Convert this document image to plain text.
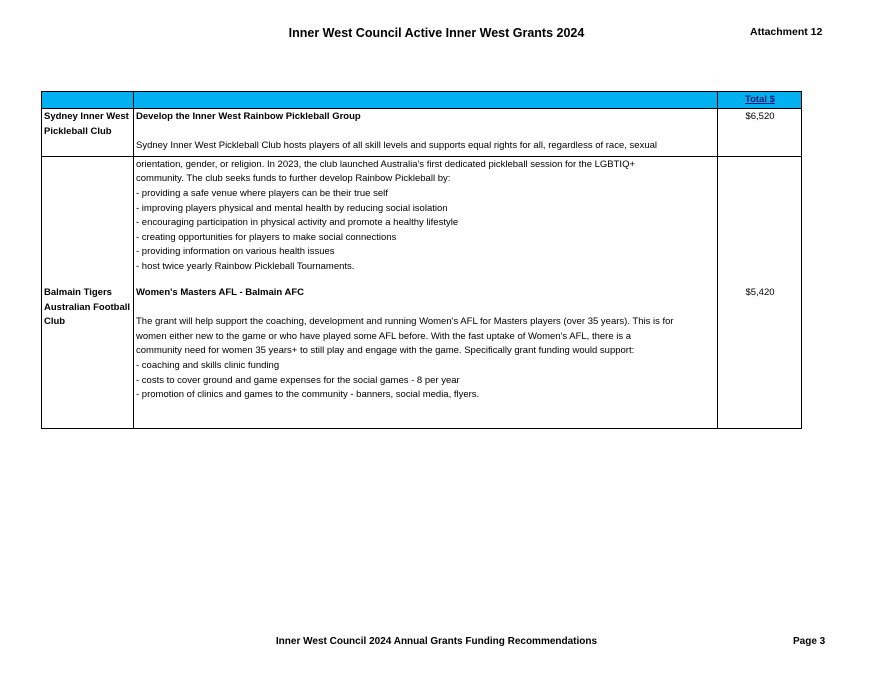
Inner West Council Active Inner West Grants 2024	Attachment 12
Total $
Sydney Inner West
Pickleball Club
$6,520
Develop the Inner West Rainbow Pickleball Group
Sydney Inner West Pickleball Club hosts players of all skill levels and supports equal rights for all, regardless of race, sexual
orientation, gender, or religion. In 2023, the club launched Australia's first dedicated pickleball session for the LGBTIQ+
community. The club seeks funds to further develop Rainbow Pickleball by:
- providing a safe venue where players can be their true self
- improving players physical and mental health by reducing social isolation
- encouraging participation in physical activity and promote a healthy lifestyle
- creating opportunities for players to make social connections
- providing information on various health issues
- host twice yearly Rainbow Pickleball Tournaments.
Balmain Tigers
Australian Football
Club
$5,420
Women's Masters AFL - Balmain AFC
The grant will help support the coaching, development and running Women's AFL for Masters players (over 35 years). This is for
women either new to the game or who have played some AFL before. With the fast uptake of Women's AFL, there is a
community need for women 35 years+ to still play and engage with the game. Specifically grant funding would support:
- coaching and skills clinic funding
- costs to cover ground and game expenses for the social games - 8 per year
- promotion of clinics and games to the community - banners, social media, flyers.
Inner West Council 2024 Annual Grants Funding Recommendations	Page 3
